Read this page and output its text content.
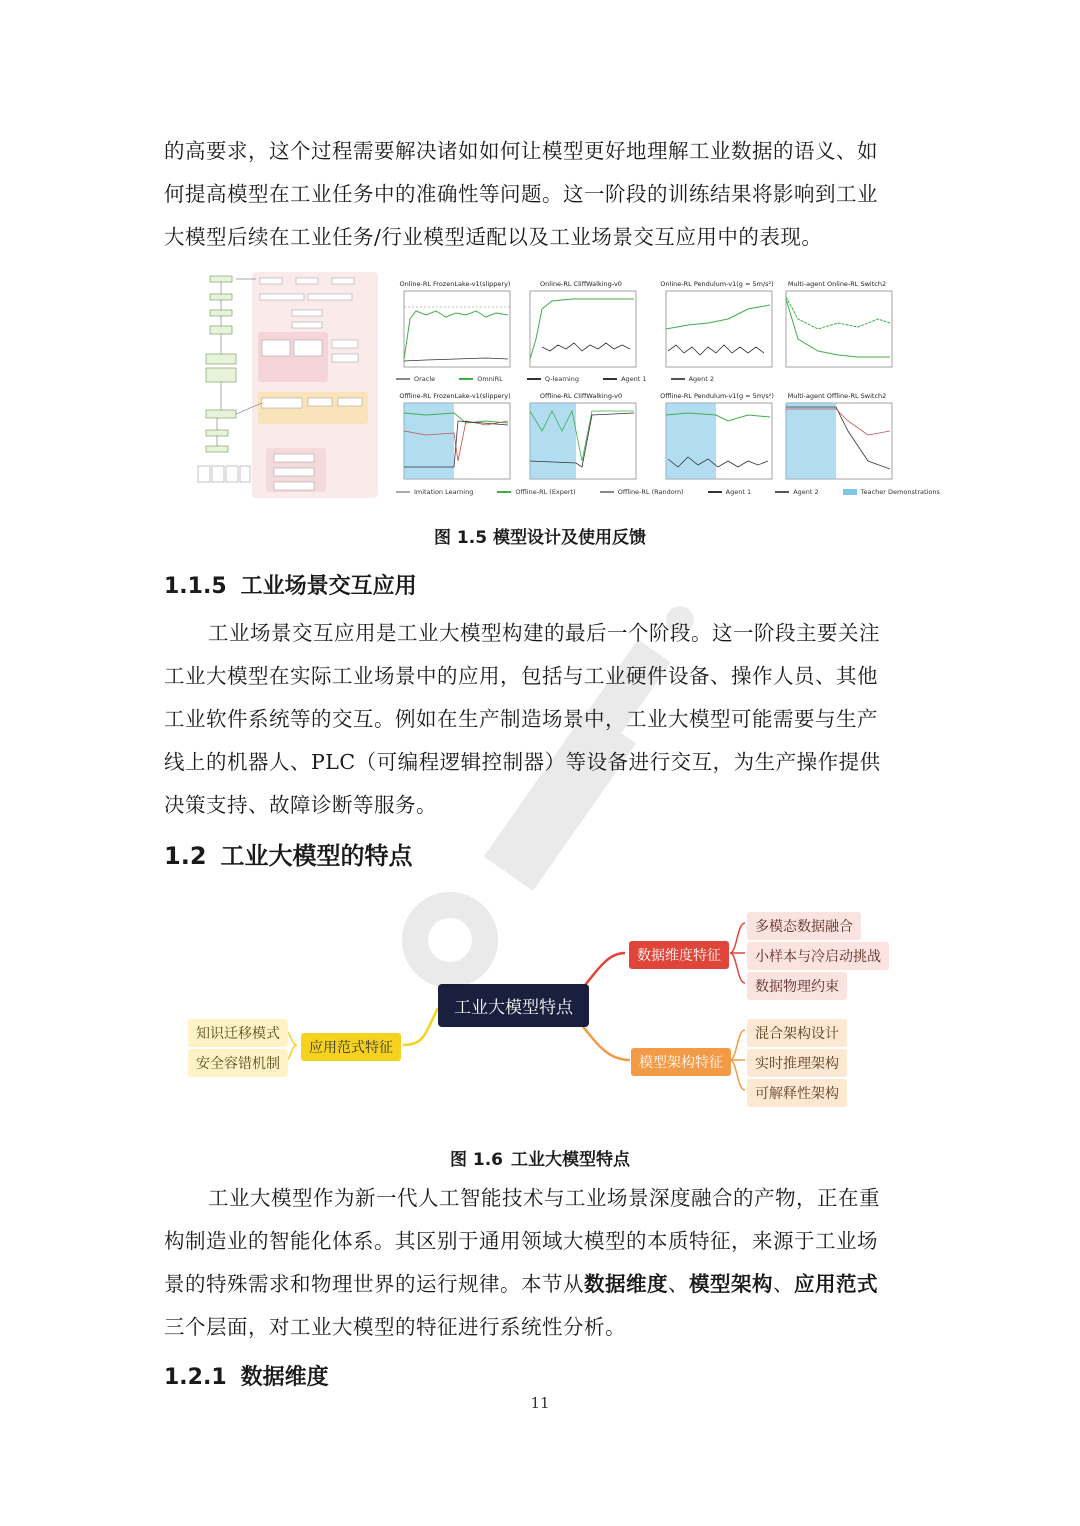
的高要求，这个过程需要解决诸如如何让模型更好地理解工业数据的语义、如
何提高模型在工业任务中的准确性等问题。这一阶段的训练结果将影响到工业
大模型后续在工业任务/行业模型适配以及工业场景交互应用中的表现。

Online-RL FrozenLake-v1(slippery)	Online-RL CliffWalking-v0	Online-RL Pendulum-v1(g = 5m/s²)	Multi-agent Online-RL Switch2
Oracle	OmniRL	Q-learning	Agent 1	Agent 2
Offline-RL FrozenLake-v1(slippery)	Offline-RL CliffWalking-v0	Offline-RL Pendulum-v1(g = 5m/s²)	Multi-agent Offline-RL Switch2
Imitation Learning	Offline-RL (Expert)	Offline-RL (Random)	Agent 1	Agent 2	Teacher Demonstrations

图 1.5 模型设计及使用反馈

1.1.5 工业场景交互应用

工业场景交互应用是工业大模型构建的最后一个阶段。这一阶段主要关注
工业大模型在实际工业场景中的应用，包括与工业硬件设备、操作人员、其他
工业软件系统等的交互。例如在生产制造场景中，工业大模型可能需要与生产
线上的机器人、PLC（可编程逻辑控制器）等设备进行交互，为生产操作提供
决策支持、故障诊断等服务。

1.2 工业大模型的特点
工业大模型特点
数据维度特征
多模态数据融合
小样本与冷启动挑战
数据物理约束
模型架构特征
混合架构设计
实时推理架构
可解释性架构
应用范式特征
知识迁移模式
安全容错机制

图 1.6 工业大模型特点

工业大模型作为新一代人工智能技术与工业场景深度融合的产物，正在重
构制造业的智能化体系。其区别于通用领域大模型的本质特征，来源于工业场
景的特殊需求和物理世界的运行规律。本节从数据维度、模型架构、应用范式
三个层面，对工业大模型的特征进行系统性分析。

1.2.1 数据维度
11
